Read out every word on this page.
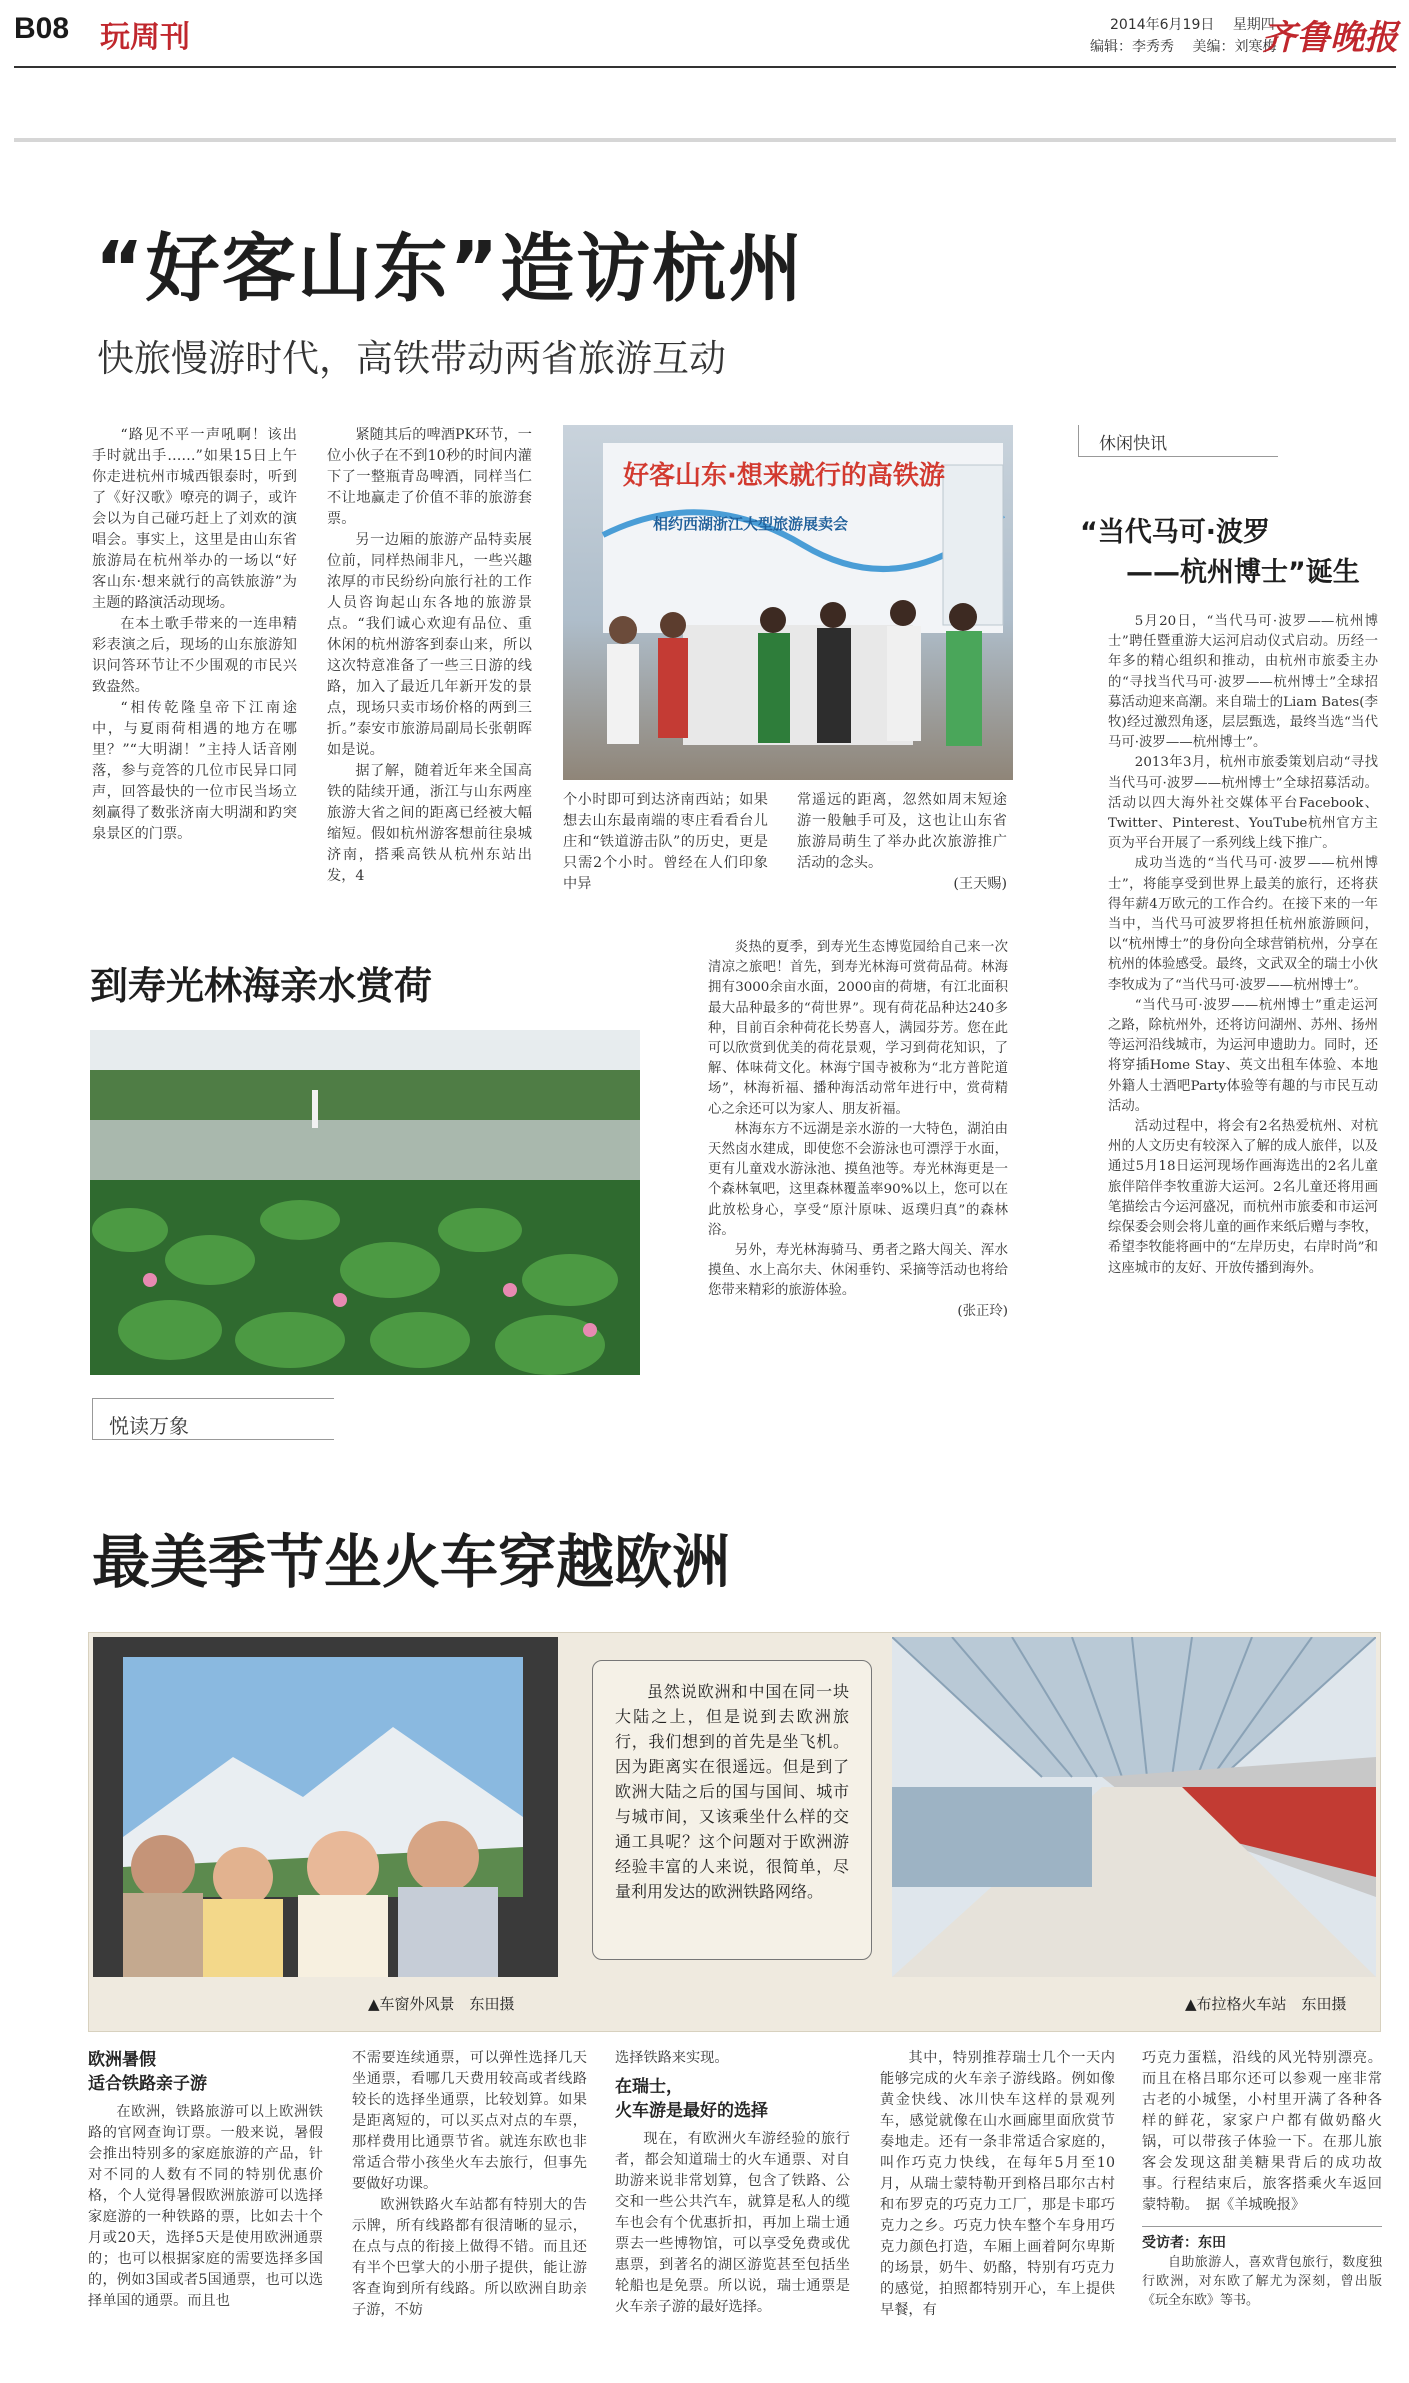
B08 玩周刊	2014年6月19日 星期四
编辑：李秀秀 美编：刘寒梅
齐鲁晚报
“好客山东”造访杭州
快旅慢游时代，高铁带动两省旅游互动

“路见不平一声吼啊！该出手时就出手……”如果15日上午你走进杭州市城西银泰时，听到了《好汉歌》嘹亮的调子，或许会以为自己碰巧赶上了刘欢的演唱会。事实上，这里是由山东省旅游局在杭州举办的一场以“好客山东·想来就行的高铁旅游”为主题的路演活动现场。

在本土歌手带来的一连串精彩表演之后，现场的山东旅游知识问答环节让不少围观的市民兴致盎然。

“相传乾隆皇帝下江南途中，与夏雨荷相遇的地方在哪里？”“大明湖！”主持人话音刚落，参与竞答的几位市民异口同声，回答最快的一位市民当场立刻赢得了数张济南大明湖和趵突泉景区的门票。

紧随其后的啤酒PK环节，一位小伙子在不到10秒的时间内灌下了一整瓶青岛啤酒，同样当仁不让地赢走了价值不菲的旅游套票。

另一边厢的旅游产品特卖展位前，同样热闹非凡，一些兴趣浓厚的市民纷纷向旅行社的工作人员咨询起山东各地的旅游景点。“我们诚心欢迎有品位、重休闲的杭州游客到泰山来，所以这次特意准备了一些三日游的线路，加入了最近几年新开发的景点，现场只卖市场价格的两到三折。”泰安市旅游局副局长张朝晖如是说。

据了解，随着近年来全国高铁的陆续开通，浙江与山东两座旅游大省之间的距离已经被大幅缩短。假如杭州游客想前往泉城济南，搭乘高铁从杭州东站出发，4

好客山东·想来就行的高铁游
相约西湖浙江大型旅游展卖会

个小时即可到达济南西站；如果想去山东最南端的枣庄看看台儿庄和“铁道游击队”的历史，更是只需2个小时。曾经在人们印象中异

常遥远的距离，忽然如周末短途游一般触手可及，这也让山东省旅游局萌生了举办此次旅游推广活动的念头。

(王天赐)
休闲快讯
“当代马可·波罗
——杭州博士”诞生

5月20日，“当代马可·波罗——杭州博士”聘任暨重游大运河启动仪式启动。历经一年多的精心组织和推动，由杭州市旅委主办的“寻找当代马可·波罗——杭州博士”全球招募活动迎来高潮。来自瑞士的Liam Bates(李牧)经过激烈角逐，层层甄选，最终当选“当代马可·波罗——杭州博士”。

2013年3月，杭州市旅委策划启动“寻找当代马可·波罗——杭州博士”全球招募活动。活动以四大海外社交媒体平台Facebook、Twitter、Pinterest、YouTube杭州官方主页为平台开展了一系列线上线下推广。

成功当选的“当代马可·波罗——杭州博士”，将能享受到世界上最美的旅行，还将获得年薪4万欧元的工作合约。在接下来的一年当中，当代马可波罗将担任杭州旅游顾问，以“杭州博士”的身份向全球营销杭州，分享在杭州的体验感受。最终，文武双全的瑞士小伙李牧成为了“当代马可·波罗——杭州博士”。

“当代马可·波罗——杭州博士”重走运河之路，除杭州外，还将访问湖州、苏州、扬州等运河沿线城市，为运河申遗助力。同时，还将穿插Home Stay、英文出租车体验、本地外籍人士酒吧Party体验等有趣的与市民互动活动。

活动过程中，将会有2名热爱杭州、对杭州的人文历史有较深入了解的成人旅伴，以及通过5月18日运河现场作画海选出的2名儿童旅伴陪伴李牧重游大运河。2名儿童还将用画笔描绘古今运河盛况，而杭州市旅委和市运河综保委会则会将儿童的画作来纸后赠与李牧，希望李牧能将画中的“左岸历史，右岸时尚”和这座城市的友好、开放传播到海外。

到寿光林海亲水赏荷

炎热的夏季，到寿光生态博览园给自己来一次清凉之旅吧！首先，到寿光林海可赏荷品荷。林海拥有3000余亩水面，2000亩的荷塘，有江北面积最大品种最多的“荷世界”。现有荷花品种达240多种，目前百余种荷花长势喜人，满园芬芳。您在此可以欣赏到优美的荷花景观，学习到荷花知识，了解、体味荷文化。林海宁国寺被称为“北方普陀道场”，林海祈福、播种海活动常年进行中，赏荷精心之余还可以为家人、朋友祈福。

林海东方不远湖是亲水游的一大特色，湖泊由天然卤水建成，即使您不会游泳也可漂浮于水面，更有儿童戏水游泳池、摸鱼池等。寿光林海更是一个森林氧吧，这里森林覆盖率90%以上，您可以在此放松身心，享受“原汁原味、返璞归真”的森林浴。

另外，寿光林海骑马、勇者之路大闯关、浑水摸鱼、水上高尔夫、休闲垂钓、采摘等活动也将给您带来精彩的旅游体验。

(张正玲)
悦读万象
最美季节坐火车穿越欧洲
虽然说欧洲和中国在同一块大陆之上，但是说到去欧洲旅行，我们想到的首先是坐飞机。因为距离实在很遥远。但是到了欧洲大陆之后的国与国间、城市与城市间，又该乘坐什么样的交通工具呢？这个问题对于欧洲游经验丰富的人来说，很简单，尽量利用发达的欧洲铁路网络。
▲车窗外风景　东田摄	▲布拉格火车站　东田摄
欧洲暑假
适合铁路亲子游

在欧洲，铁路旅游可以上欧洲铁路的官网查询订票。一般来说，暑假会推出特别多的家庭旅游的产品，针对不同的人数有不同的特别优惠价格，个人觉得暑假欧洲旅游可以选择家庭游的一种铁路的票，比如去十个月或20天，选择5天是使用欧洲通票的；也可以根据家庭的需要选择多国的，例如3国或者5国通票，也可以选择单国的通票。而且也

不需要连续通票，可以弹性选择几天坐通票，看哪几天费用较高或者线路较长的选择坐通票，比较划算。如果是距离短的，可以买点对点的车票，那样费用比通票节省。就连东欧也非常适合带小孩坐火车去旅行，但事先要做好功课。

欧洲铁路火车站都有特别大的告示牌，所有线路都有很清晰的显示，在点与点的衔接上做得不错。而且还有半个巴掌大的小册子提供，能让游客查询到所有线路。所以欧洲自助亲子游，不妨

选择铁路来实现。
在瑞士，
火车游是最好的选择

现在，有欧洲火车游经验的旅行者，都会知道瑞士的火车通票、对自助游来说非常划算，包含了铁路、公交和一些公共汽车，就算是私人的缆车也会有个优惠折扣，再加上瑞士通票去一些博物馆，可以享受免费或优惠票，到著名的湖区游览甚至包括坐轮船也是免票。所以说，瑞士通票是火车亲子游的最好选择。

其中，特别推荐瑞士几个一天内能够完成的火车亲子游线路。例如像黄金快线、冰川快车这样的景观列车，感觉就像在山水画廊里面欣赏节奏地走。还有一条非常适合家庭的，叫作巧克力快线，在每年5月至10月，从瑞士蒙特勒开到格吕耶尔古村和布罗克的巧克力工厂，那是卡耶巧克力之乡。巧克力快车整个车身用巧克力颜色打造，车厢上画着阿尔卑斯的场景，奶牛、奶酪，特别有巧克力的感觉，拍照都特别开心，车上提供早餐，有

巧克力蛋糕，沿线的风光特别漂亮。而且在格吕耶尔还可以参观一座非常古老的小城堡，小村里开满了各种各样的鲜花，家家户户都有做奶酪火锅，可以带孩子体验一下。在那儿旅客会发现这甜美糖果背后的成功故事。行程结束后，旅客搭乘火车返回蒙特勒。　据《羊城晚报》

受访者：东田
自助旅游人，喜欢背包旅行，数度独行欧洲，对东欧了解尤为深刻，曾出版《玩全东欧》等书。
